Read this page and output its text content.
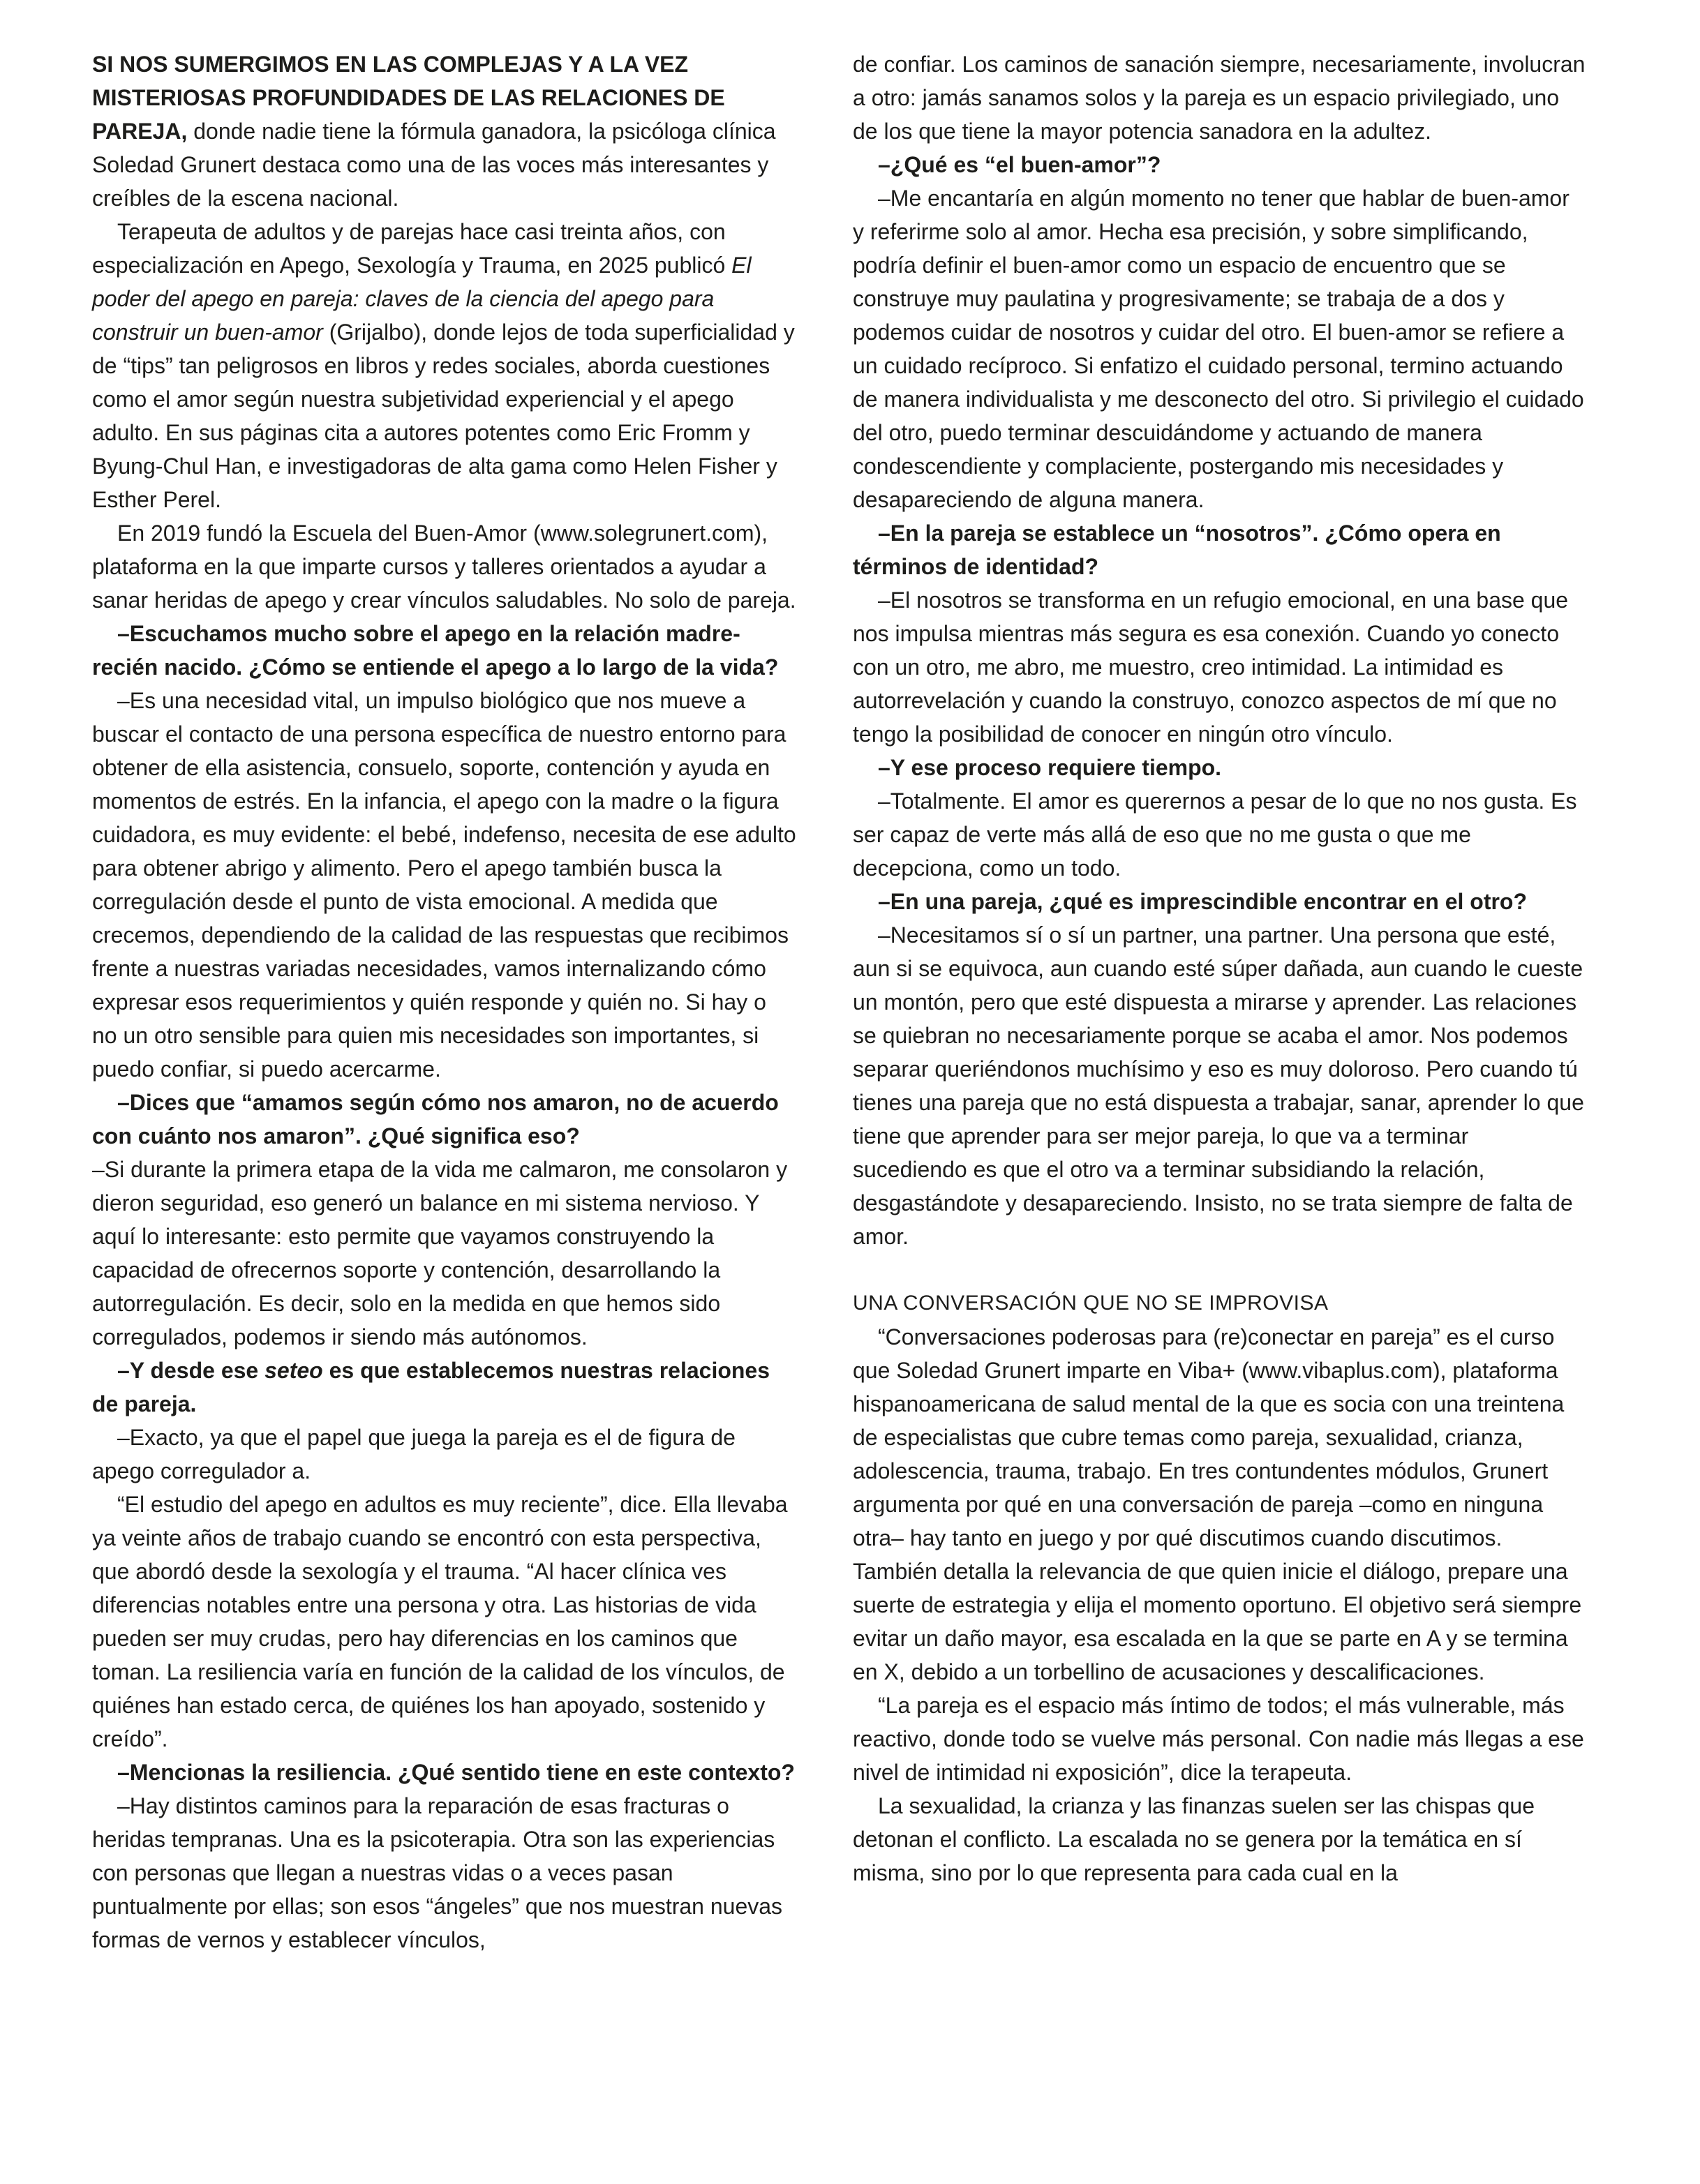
SI NOS SUMERGIMOS EN LAS COMPLEJAS Y A LA VEZ MISTERIOSAS PROFUNDIDADES DE LAS RELACIONES DE PAREJA, donde nadie tiene la fórmula ganadora, la psicóloga clínica Soledad Grunert destaca como una de las voces más interesantes y creíbles de la escena nacional.

Terapeuta de adultos y de parejas hace casi treinta años, con especialización en Apego, Sexología y Trauma, en 2025 publicó El poder del apego en pareja: claves de la ciencia del apego para construir un buen-amor (Grijalbo), donde lejos de toda superficialidad y de “tips” tan peligrosos en libros y redes sociales, aborda cuestiones como el amor según nuestra subjetividad experiencial y el apego adulto. En sus páginas cita a autores potentes como Eric Fromm y Byung-Chul Han, e investigadoras de alta gama como Helen Fisher y Esther Perel.

En 2019 fundó la Escuela del Buen-Amor (www.solegrunert.com), plataforma en la que imparte cursos y talleres orientados a ayudar a sanar heridas de apego y crear vínculos saludables. No solo de pareja.

–Escuchamos mucho sobre el apego en la relación madre-recién nacido. ¿Cómo se entiende el apego a lo largo de la vida?

–Es una necesidad vital, un impulso biológico que nos mueve a buscar el contacto de una persona específica de nuestro entorno para obtener de ella asistencia, consuelo, soporte, contención y ayuda en momentos de estrés. En la infancia, el apego con la madre o la figura cuidadora, es muy evidente: el bebé, indefenso, necesita de ese adulto para obtener abrigo y alimento. Pero el apego también busca la corregulación desde el punto de vista emocional. A medida que crecemos, dependiendo de la calidad de las respuestas que recibimos frente a nuestras variadas necesidades, vamos internalizando cómo expresar esos requerimientos y quién responde y quién no. Si hay o no un otro sensible para quien mis necesidades son importantes, si puedo confiar, si puedo acercarme.

–Dices que “amamos según cómo nos amaron, no de acuerdo con cuánto nos amaron”. ¿Qué significa eso?

–Si durante la primera etapa de la vida me calmaron, me consolaron y dieron seguridad, eso generó un balance en mi sistema nervioso. Y aquí lo interesante: esto permite que vayamos construyendo la capacidad de ofrecernos soporte y contención, desarrollando la autorregulación. Es decir, solo en la medida en que hemos sido corregulados, podemos ir siendo más autónomos.

–Y desde ese seteo es que establecemos nuestras relaciones de pareja.

–Exacto, ya que el papel que juega la pareja es el de figura de apego corregulador a.

“El estudio del apego en adultos es muy reciente”, dice. Ella llevaba ya veinte años de trabajo cuando se encontró con esta perspectiva, que abordó desde la sexología y el trauma. “Al hacer clínica ves diferencias notables entre una persona y otra. Las historias de vida pueden ser muy crudas, pero hay diferencias en los caminos que toman. La resiliencia varía en función de la calidad de los vínculos, de quiénes han estado cerca, de quiénes los han apoyado, sostenido y creído”.

–Mencionas la resiliencia. ¿Qué sentido tiene en este contexto?

–Hay distintos caminos para la reparación de esas fracturas o heridas tempranas. Una es la psicoterapia. Otra son las experiencias con personas que llegan a nuestras vidas o a veces pasan puntualmente por ellas; son esos “ángeles” que nos muestran nuevas formas de vernos y establecer vínculos,

de confiar. Los caminos de sanación siempre, necesariamente, involucran a otro: jamás sanamos solos y la pareja es un espacio privilegiado, uno de los que tiene la mayor potencia sanadora en la adultez.

–¿Qué es “el buen-amor”?

–Me encantaría en algún momento no tener que hablar de buen-amor y referirme solo al amor. Hecha esa precisión, y sobre simplificando, podría definir el buen-amor como un espacio de encuentro que se construye muy paulatina y progresivamente; se trabaja de a dos y podemos cuidar de nosotros y cuidar del otro. El buen-amor se refiere a un cuidado recíproco. Si enfatizo el cuidado personal, termino actuando de manera individualista y me desconecto del otro. Si privilegio el cuidado del otro, puedo terminar descuidándome y actuando de manera condescendiente y complaciente, postergando mis necesidades y desapareciendo de alguna manera.

–En la pareja se establece un “nosotros”. ¿Cómo opera en términos de identidad?

–El nosotros se transforma en un refugio emocional, en una base que nos impulsa mientras más segura es esa conexión. Cuando yo conecto con un otro, me abro, me muestro, creo intimidad. La intimidad es autorrevelación y cuando la construyo, conozco aspectos de mí que no tengo la posibilidad de conocer en ningún otro vínculo.

–Y ese proceso requiere tiempo.

–Totalmente. El amor es querernos a pesar de lo que no nos gusta. Es ser capaz de verte más allá de eso que no me gusta o que me decepciona, como un todo.

–En una pareja, ¿qué es imprescindible encontrar en el otro?

–Necesitamos sí o sí un partner, una partner. Una persona que esté, aun si se equivoca, aun cuando esté súper dañada, aun cuando le cueste un montón, pero que esté dispuesta a mirarse y aprender. Las relaciones se quiebran no necesariamente porque se acaba el amor. Nos podemos separar queriéndonos muchísimo y eso es muy doloroso. Pero cuando tú tienes una pareja que no está dispuesta a trabajar, sanar, aprender lo que tiene que aprender para ser mejor pareja, lo que va a terminar sucediendo es que el otro va a terminar subsidiando la relación, desgastándote y desapareciendo. Insisto, no se trata siempre de falta de amor.

UNA CONVERSACIÓN QUE NO SE IMPROVISA

“Conversaciones poderosas para (re)conectar en pareja” es el curso que Soledad Grunert imparte en Viba+ (www.vibaplus.com), plataforma hispanoamericana de salud mental de la que es socia con una treintena de especialistas que cubre temas como pareja, sexualidad, crianza, adolescencia, trauma, trabajo. En tres contundentes módulos, Grunert argumenta por qué en una conversación de pareja –como en ninguna otra– hay tanto en juego y por qué discutimos cuando discutimos. También detalla la relevancia de que quien inicie el diálogo, prepare una suerte de estrategia y elija el momento oportuno. El objetivo será siempre evitar un daño mayor, esa escalada en la que se parte en A y se termina en X, debido a un torbellino de acusaciones y descalificaciones.

“La pareja es el espacio más íntimo de todos; el más vulnerable, más reactivo, donde todo se vuelve más personal. Con nadie más llegas a ese nivel de intimidad ni exposición”, dice la terapeuta.

La sexualidad, la crianza y las finanzas suelen ser las chispas que detonan el conflicto. La escalada no se genera por la temática en sí misma, sino por lo que representa para cada cual en la
